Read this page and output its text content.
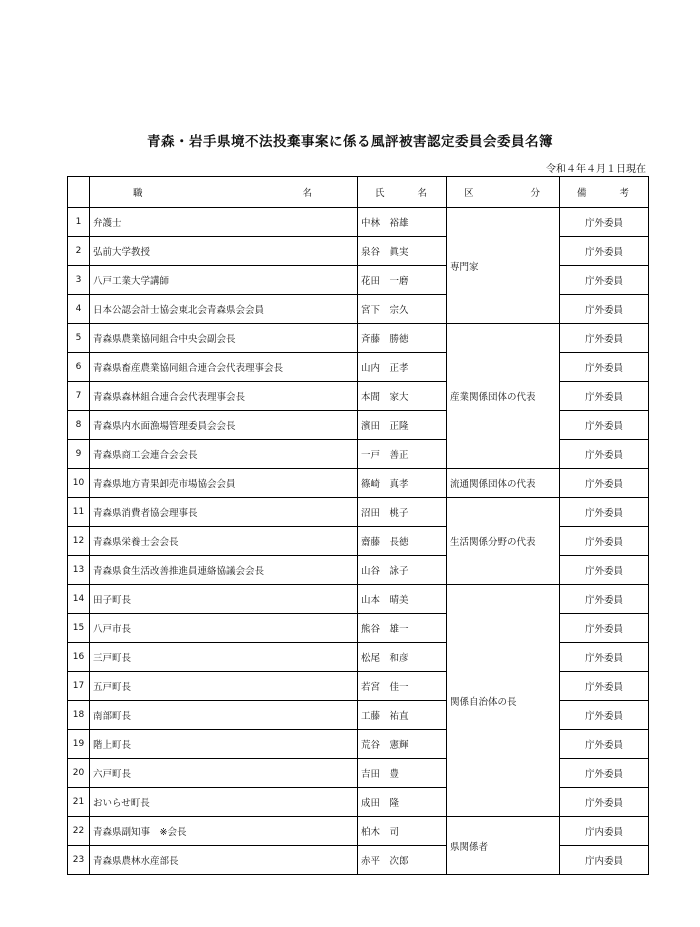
青森・岩手県境不法投棄事案に係る風評被害認定委員会委員名簿
令和４年４月１日現在

	職 名	氏 名	区 分	備 考

1	弁護士	中林　裕雄	専門家	庁外委員
2	弘前大学教授	泉谷　眞実		庁外委員
3	八戸工業大学講師	花田　一磨		庁外委員
4	日本公認会計士協会東北会青森県会会員	宮下　宗久		庁外委員
5	青森県農業協同組合中央会副会長	斉藤　勝徳	産業関係団体の代表	庁外委員
6	青森県畜産農業協同組合連合会代表理事会長	山内　正孝		庁外委員
7	青森県森林組合連合会代表理事会長	本間　家大		庁外委員
8	青森県内水面漁場管理委員会会長	濱田　正隆		庁外委員
9	青森県商工会連合会会長	一戸　善正		庁外委員
10	青森県地方青果卸売市場協会会員	篠崎　真孝	流通関係団体の代表	庁外委員
11	青森県消費者協会理事長	沼田　桃子	生活関係分野の代表	庁外委員
12	青森県栄養士会会長	齋藤　長徳		庁外委員
13	青森県食生活改善推進員連絡協議会会長	山谷　詠子		庁外委員
14	田子町長	山本　晴美	関係自治体の長	庁外委員
15	八戸市長	熊谷　雄一		庁外委員
16	三戸町長	松尾　和彦		庁外委員
17	五戸町長	若宮　佳一		庁外委員
18	南部町長	工藤　祐直		庁外委員
19	階上町長	荒谷　憲輝		庁外委員
20	六戸町長	吉田　豊		庁外委員
21	おいらせ町長	成田　隆		庁外委員
22	青森県副知事　※会長	柏木　司	県関係者	庁内委員
23	青森県農林水産部長	赤平　次郎		庁内委員
